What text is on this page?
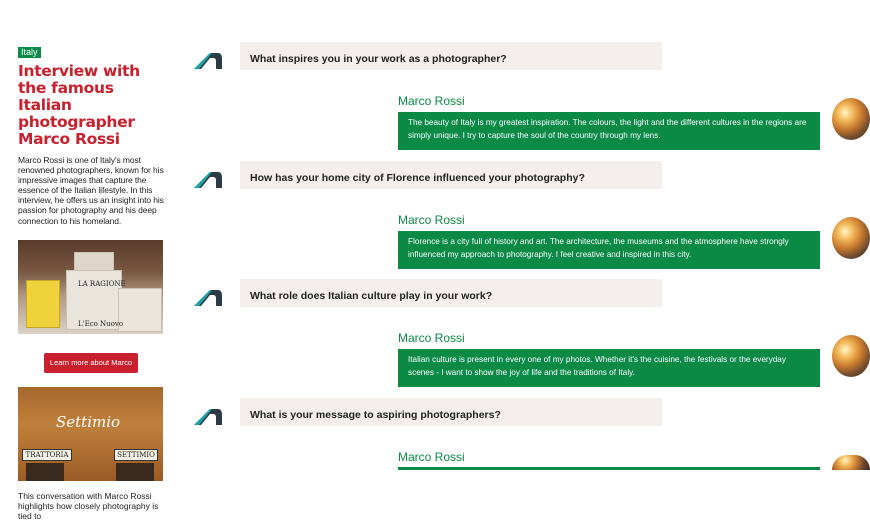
Italy
Interview with the famous Italian photographer Marco Rossi

Marco Rossi is one of Italy's most renowned photographers, known for his impressive images that capture the essence of the Italian lifestyle. In this interview, he offers us an insight into his passion for photography and his deep connection to his homeland.

LA RAGIONE
L'Eco Nuovo
Learn more about Marco Rossi
Settimio
TRATTORIA	SETTIMIO

This conversation with Marco Rossi highlights how closely photography is tied to

What inspires you in your work as a photographer?
Marco Rossi
The beauty of Italy is my greatest inspiration. The colours, the light and the different cultures in the regions are simply unique. I try to capture the soul of the country through my lens.
How has your home city of Florence influenced your photography?
Marco Rossi
Florence is a city full of history and art. The architecture, the museums and the atmosphere have strongly influenced my approach to photography. I feel creative and inspired in this city.
What role does Italian culture play in your work?
Marco Rossi
Italian culture is present in every one of my photos. Whether it's the cuisine, the festivals or the everyday scenes - I want to show the joy of life and the traditions of Italy.
What is your message to aspiring photographers?
Marco Rossi
